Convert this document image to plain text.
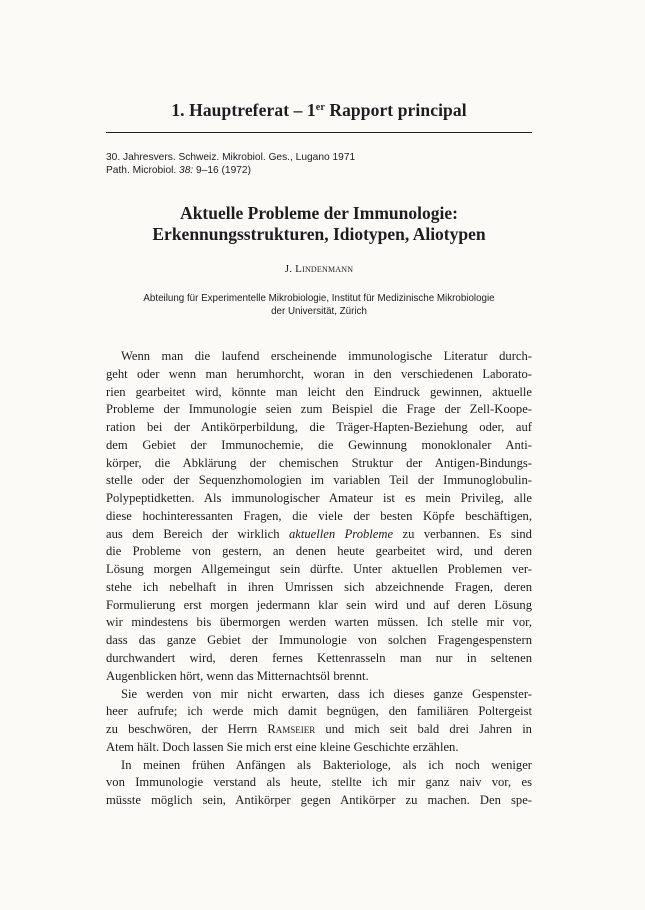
1. Hauptreferat – 1er Rapport principal
30. Jahresvers. Schweiz. Mikrobiol. Ges., Lugano 1971
Path. Microbiol. 38: 9–16 (1972)
Aktuelle Probleme der Immunologie:
Erkennungsstrukturen, Idiotypen, Aliotypen
J. Lindenmann
Abteilung für Experimentelle Mikrobiologie, Institut für Medizinische Mikrobiologie
der Universität, Zürich
Wenn man die laufend erscheinende immunologische Literatur durch-
geht oder wenn man herumhorcht, woran in den verschiedenen Laborato-
rien gearbeitet wird, könnte man leicht den Eindruck gewinnen, aktuelle
Probleme der Immunologie seien zum Beispiel die Frage der Zell-Koope-
ration bei der Antikörperbildung, die Träger-Hapten-Beziehung oder, auf
dem Gebiet der Immunochemie, die Gewinnung monoklonaler Anti-
körper, die Abklärung der chemischen Struktur der Antigen-Bindungs-
stelle oder der Sequenzhomologien im variablen Teil der Immunoglobulin-
Polypeptidketten. Als immunologischer Amateur ist es mein Privileg, alle
diese hochinteressanten Fragen, die viele der besten Köpfe beschäftigen,
aus dem Bereich der wirklich aktuellen Probleme zu verbannen. Es sind
die Probleme von gestern, an denen heute gearbeitet wird, und deren
Lösung morgen Allgemeingut sein dürfte. Unter aktuellen Problemen ver-
stehe ich nebelhaft in ihren Umrissen sich abzeichnende Fragen, deren
Formulierung erst morgen jedermann klar sein wird und auf deren Lösung
wir mindestens bis übermorgen werden warten müssen. Ich stelle mir vor,
dass das ganze Gebiet der Immunologie von solchen Fragengespenstern
durchwandert wird, deren fernes Kettenrasseln man nur in seltenen
Augenblicken hört, wenn das Mitternachtsöl brennt.
Sie werden von mir nicht erwarten, dass ich dieses ganze Gespenster-
heer aufrufe; ich werde mich damit begnügen, den familiären Poltergeist
zu beschwören, der Herrn Ramseier und mich seit bald drei Jahren in
Atem hält. Doch lassen Sie mich erst eine kleine Geschichte erzählen.
In meinen frühen Anfängen als Bakteriologe, als ich noch weniger
von Immunologie verstand als heute, stellte ich mir ganz naiv vor, es
müsste möglich sein, Antikörper gegen Antikörper zu machen. Den spe-
